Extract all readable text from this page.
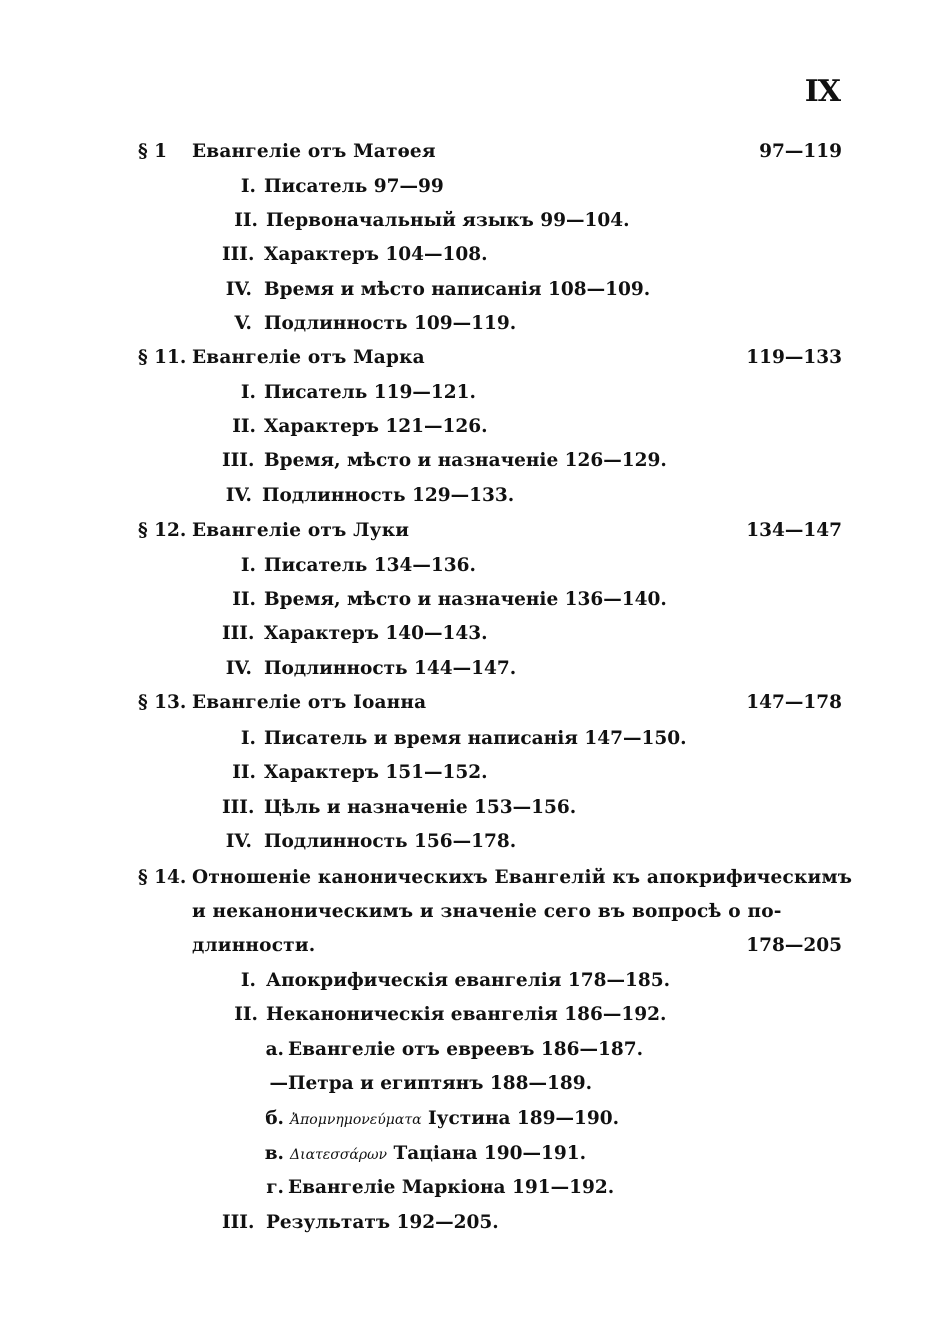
IX
§ 1 Евангеліе отъ Матѳея	97—119
I. Писатель 97—99
II. Первоначальный языкъ 99—104.
III. Характеръ 104—108.
IV. Время и мѣсто написанія 108—109.
V. Подлинность 109—119.
§ 11. Евангеліе отъ Марка	119—133
I. Писатель 119—121.
II. Характеръ 121—126.
III. Время, мѣсто и назначеніе 126—129.
IV. Подлинность 129—133.
§ 12. Евангеліе отъ Луки	134—147
I. Писатель 134—136.
II. Время, мѣсто и назначеніе 136—140.
III. Характеръ 140—143.
IV. Подлинность 144—147.
§ 13. Евангеліе отъ Іоанна	147—178
I. Писатель и время написанія 147—150.
II. Характеръ 151—152.
III. Цѣль и назначеніе 153—156.
IV. Подлинность 156—178.
§ 14. Отношеніе каноническихъ Евангелій къ апокрифическимъ
и неканоническимъ и значеніе сего въ вопросѣ о по-
длинности.	178—205
I. Апокрифическія евангелія 178—185.
II. Неканоническія евангелія 186—192.
а. Евангеліе отъ евреевъ 186—187.
— Петра и египтянъ 188—189.
б. Ἀπομνημονεύματα Іустина 189—190.
в. Διατεσσάρων Таціана 190—191.
г. Евангеліе Маркіона 191—192.
III. Результатъ 192—205.
